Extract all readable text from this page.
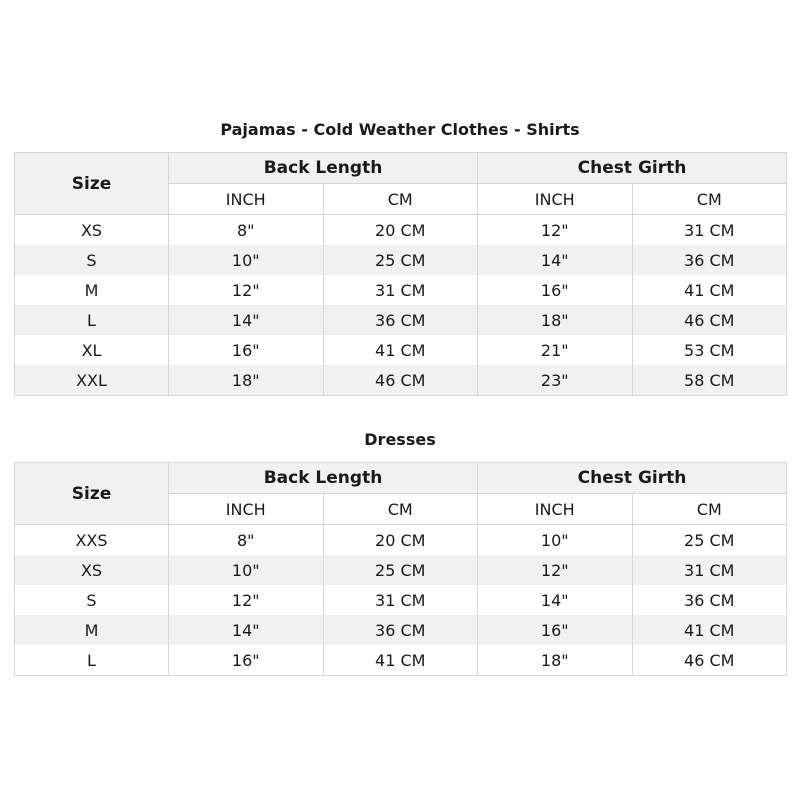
Pajamas - Cold Weather Clothes - Shirts
Size	Back Length		Chest Girth	
	INCH	CM	INCH	CM
XS	8"	20 CM	12"	31 CM
S	10"	25 CM	14"	36 CM
M	12"	31 CM	16"	41 CM
L	14"	36 CM	18"	46 CM
XL	16"	41 CM	21"	53 CM
XXL	18"	46 CM	23"	58 CM
Dresses
Size	Back Length		Chest Girth	
	INCH	CM	INCH	CM
XXS	8"	20 CM	10"	25 CM
XS	10"	25 CM	12"	31 CM
S	12"	31 CM	14"	36 CM
M	14"	36 CM	16"	41 CM
L	16"	41 CM	18"	46 CM
